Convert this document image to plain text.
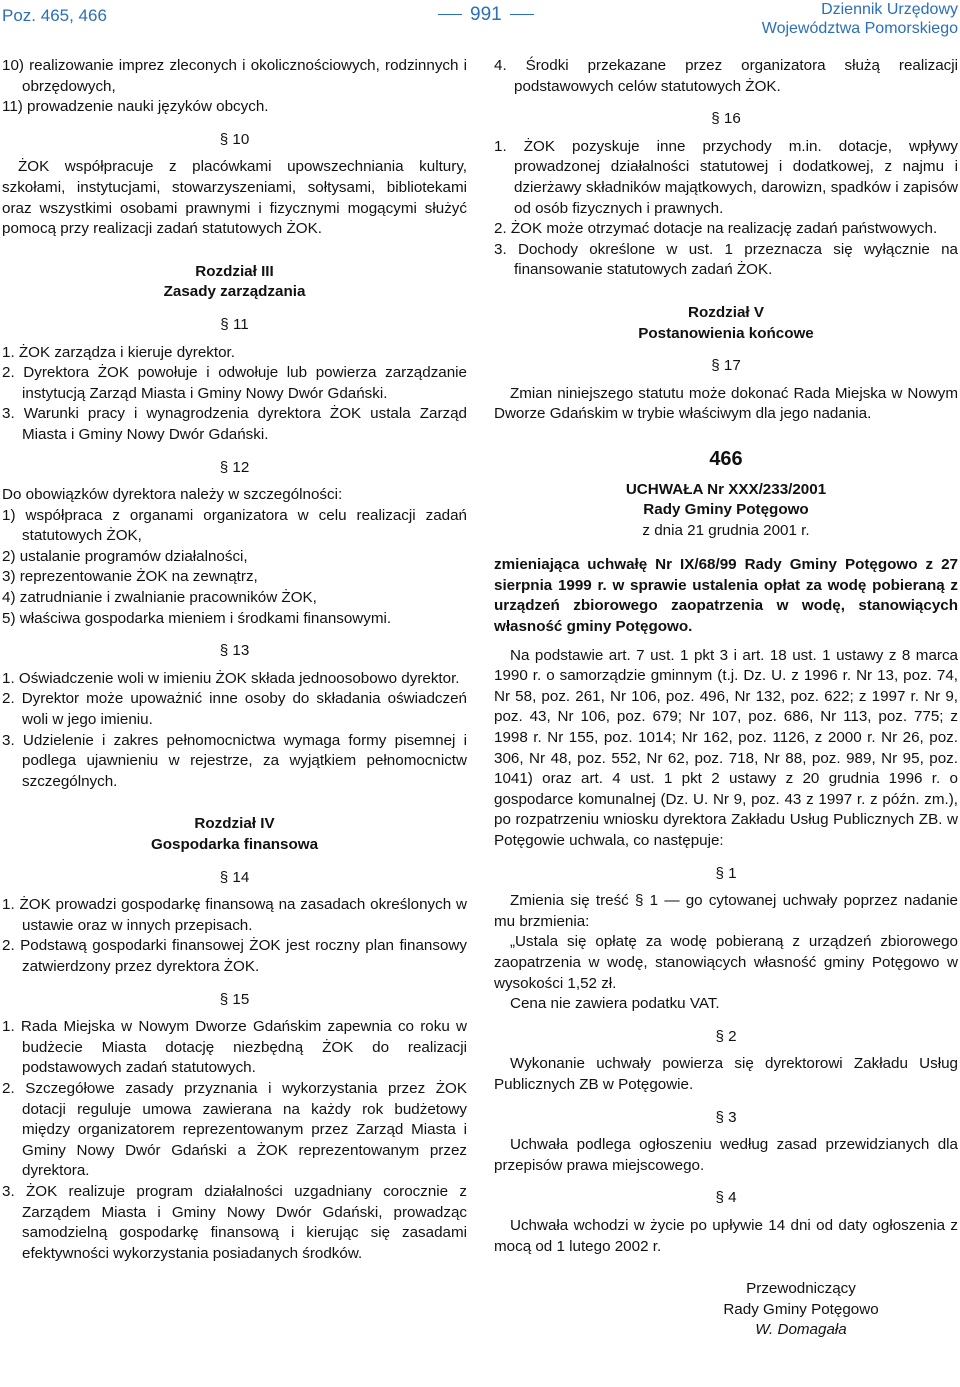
Poz. 465, 466	991	Dziennik Urzędowy
Województwa Pomorskiego

10) realizowanie imprez zleconych i okolicznościowych, rodzinnych i obrzędowych,

11) prowadzenie nauki języków obcych.

§ 10

ŻOK współpracuje z placówkami upowszechniania kultury, szkołami, instytucjami, stowarzyszeniami, sołtysami, bibliotekami oraz wszystkimi osobami prawnymi i fizycznymi mogącymi służyć pomocą przy realizacji zadań statutowych ŻOK.

Rozdział III
Zasady zarządzania
§ 11

1. ŻOK zarządza i kieruje dyrektor.

2. Dyrektora ŻOK powołuje i odwołuje lub powierza zarządzanie instytucją Zarząd Miasta i Gminy Nowy Dwór Gdański.

3. Warunki pracy i wynagrodzenia dyrektora ŻOK ustala Zarząd Miasta i Gminy Nowy Dwór Gdański.

§ 12

Do obowiązków dyrektora należy w szczególności:

1) współpraca z organami organizatora w celu realizacji zadań statutowych ŻOK,

2) ustalanie programów działalności,

3) reprezentowanie ŻOK na zewnątrz,

4) zatrudnianie i zwalnianie pracowników ŻOK,

5) właściwa gospodarka mieniem i środkami finansowymi.

§ 13

1. Oświadczenie woli w imieniu ŻOK składa jednoosobowo dyrektor.

2. Dyrektor może upoważnić inne osoby do składania oświadczeń woli w jego imieniu.

3. Udzielenie i zakres pełnomocnictwa wymaga formy pisemnej i podlega ujawnieniu w rejestrze, za wyjątkiem pełnomocnictw szczególnych.

Rozdział IV
Gospodarka finansowa
§ 14

1. ŻOK prowadzi gospodarkę finansową na zasadach określonych w ustawie oraz w innych przepisach.

2. Podstawą gospodarki finansowej ŻOK jest roczny plan finansowy zatwierdzony przez dyrektora ŻOK.

§ 15

1. Rada Miejska w Nowym Dworze Gdańskim zapewnia co roku w budżecie Miasta dotację niezbędną ŻOK do realizacji podstawowych zadań statutowych.

2. Szczegółowe zasady przyznania i wykorzystania przez ŻOK dotacji reguluje umowa zawierana na każdy rok budżetowy między organizatorem reprezentowanym przez Zarząd Miasta i Gminy Nowy Dwór Gdański a ŻOK reprezentowanym przez dyrektora.

3. ŻOK realizuje program działalności uzgadniany corocznie z Zarządem Miasta i Gminy Nowy Dwór Gdański, prowadząc samodzielną gospodarkę finansową i kierując się zasadami efektywności wykorzystania posiadanych środków.

4. Środki przekazane przez organizatora służą realizacji podstawowych celów statutowych ŻOK.

§ 16

1. ŻOK pozyskuje inne przychody m.in. dotacje, wpływy prowadzonej działalności statutowej i dodatkowej, z najmu i dzierżawy składników majątkowych, darowizn, spadków i zapisów od osób fizycznych i prawnych.

2. ŻOK może otrzymać dotacje na realizację zadań państwowych.

3. Dochody określone w ust. 1 przeznacza się wyłącznie na finansowanie statutowych zadań ŻOK.

Rozdział V
Postanowienia końcowe
§ 17

Zmian niniejszego statutu może dokonać Rada Miejska w Nowym Dworze Gdańskim w trybie właściwym dla jego nadania.

466
UCHWAŁA Nr XXX/233/2001
Rady Gminy Potęgowo
z dnia 21 grudnia 2001 r.

zmieniająca uchwałę Nr IX/68/99 Rady Gminy Potęgowo z 27 sierpnia 1999 r. w sprawie ustalenia opłat za wodę pobieraną z urządzeń zbiorowego zaopatrzenia w wodę, stanowiących własność gminy Potęgowo.

Na podstawie art. 7 ust. 1 pkt 3 i art. 18 ust. 1 ustawy z 8 marca 1990 r. o samorządzie gminnym (t.j. Dz. U. z 1996 r. Nr 13, poz. 74, Nr 58, poz. 261, Nr 106, poz. 496, Nr 132, poz. 622; z 1997 r. Nr 9, poz. 43, Nr 106, poz. 679; Nr 107, poz. 686, Nr 113, poz. 775; z 1998 r. Nr 155, poz. 1014; Nr 162, poz. 1126, z 2000 r. Nr 26, poz. 306, Nr 48, poz. 552, Nr 62, poz. 718, Nr 88, poz. 989, Nr 95, poz. 1041) oraz art. 4 ust. 1 pkt 2 ustawy z 20 grudnia 1996 r. o gospodarce komunalnej (Dz. U. Nr 9, poz. 43 z 1997 r. z późn. zm.), po rozpatrzeniu wniosku dyrektora Zakładu Usług Publicznych ZB. w Potęgowie uchwala, co następuje:

§ 1

Zmienia się treść § 1 — go cytowanej uchwały poprzez nadanie mu brzmienia:

„Ustala się opłatę za wodę pobieraną z urządzeń zbiorowego zaopatrzenia w wodę, stanowiących własność gminy Potęgowo w wysokości 1,52 zł.

Cena nie zawiera podatku VAT.

§ 2

Wykonanie uchwały powierza się dyrektorowi Zakładu Usług Publicznych ZB w Potęgowie.

§ 3

Uchwała podlega ogłoszeniu według zasad przewidzianych dla przepisów prawa miejscowego.

§ 4

Uchwała wchodzi w życie po upływie 14 dni od daty ogłoszenia z mocą od 1 lutego 2002 r.

Przewodniczący
Rady Gminy Potęgowo
W. Domagała
